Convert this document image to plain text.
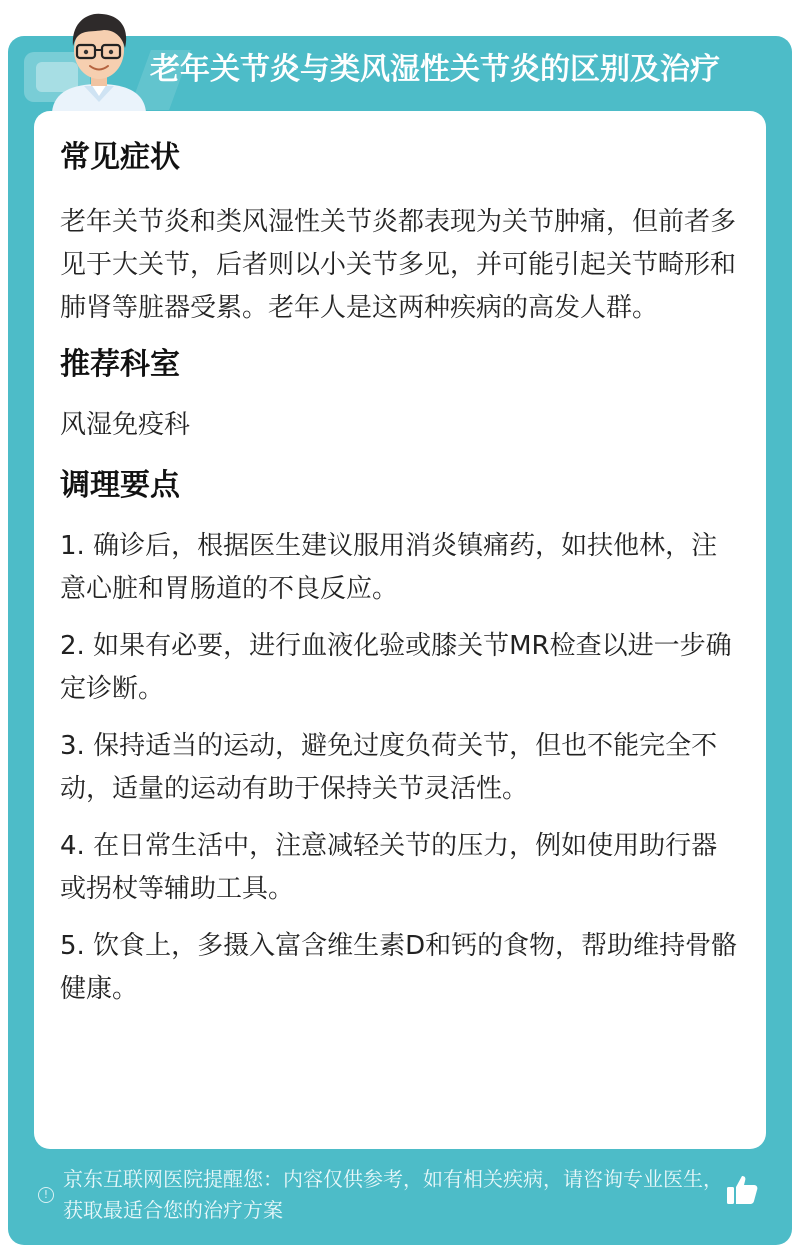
老年关节炎与类风湿性关节炎的区别及治疗
常见症状

老年关节炎和类风湿性关节炎都表现为关节肿痛，但前者多见于大关节，后者则以小关节多见，并可能引起关节畸形和肺肾等脏器受累。老年人是这两种疾病的高发人群。

推荐科室

风湿免疫科

调理要点
1. 确诊后，根据医生建议服用消炎镇痛药，如扶他林，注意心脏和胃肠道的不良反应。
2. 如果有必要，进行血液化验或膝关节MR检查以进一步确定诊断。
3. 保持适当的运动，避免过度负荷关节，但也不能完全不动，适量的运动有助于保持关节灵活性。
4. 在日常生活中，注意减轻关节的压力，例如使用助行器或拐杖等辅助工具。
5. 饮食上，多摄入富含维生素D和钙的食物，帮助维持骨骼健康。
!
京东互联网医院提醒您：内容仅供参考，如有相关疾病，请咨询专业医生，获取最适合您的治疗方案
